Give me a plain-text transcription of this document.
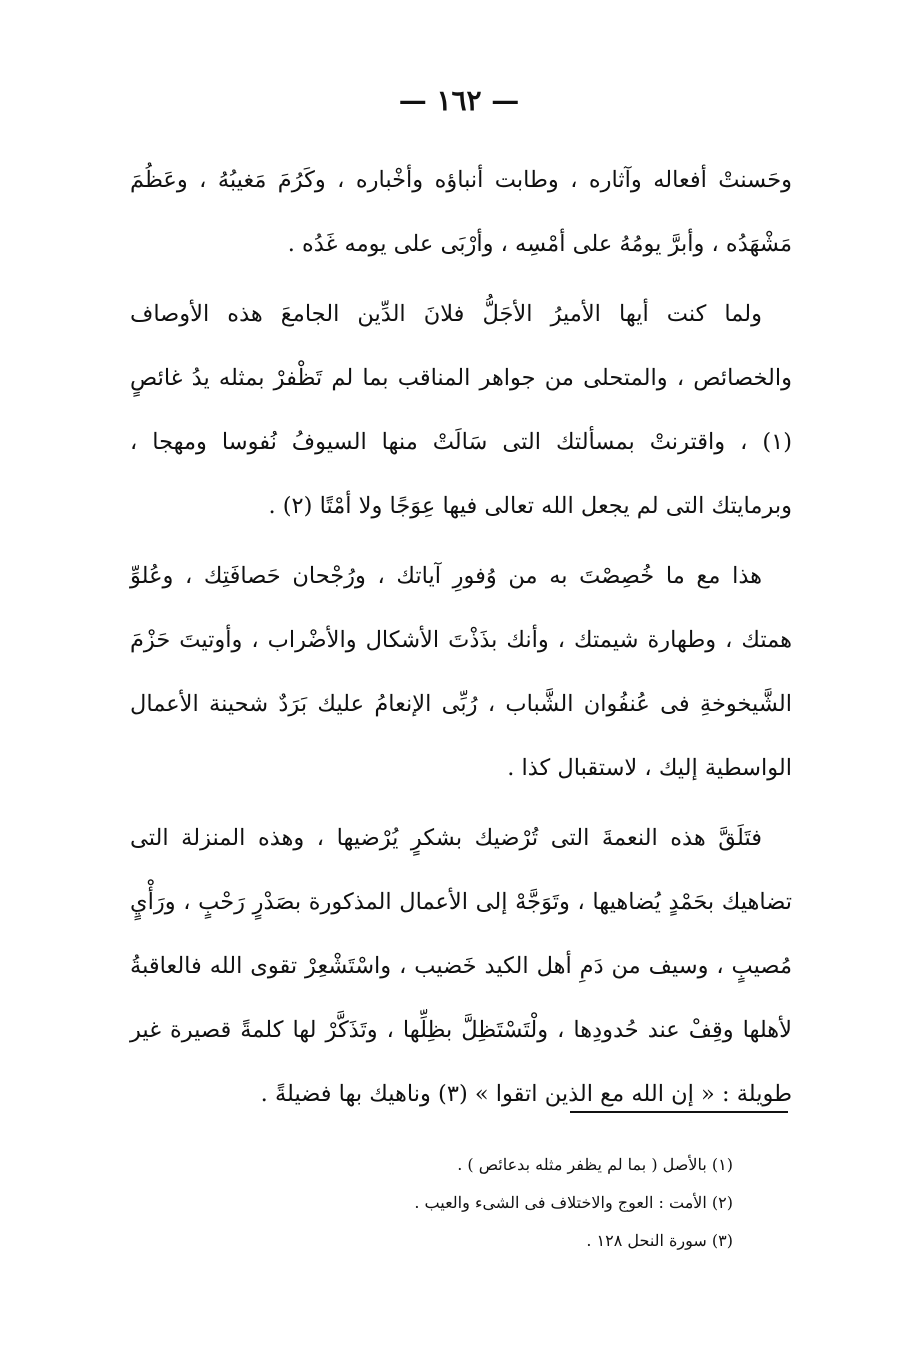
— ١٦٢ —

وحَسنتْ أفعاله وآثاره ، وطابت أنباؤه وأخْباره ، وكَرُمَ مَغيبُهُ ، وعَظُمَ مَشْهَدُه ، وأبرَّ يومُهُ على أمْسِه ، وأرْبَى على يومه غَدُه .

ولما كنت أيها الأميرُ الأجَلُّ فلانَ الدِّين الجامعَ هذه الأوصاف والخصائص ، والمتحلى من جواهر المناقب بما لم تَظْفرْ بمثله يدُ غائصٍ (١) ، واقترنتْ بمسألتك التى سَالَتْ منها السيوفُ نُفوسا ومهجا ، وبرمايتك التى لم يجعل الله تعالى فيها عِوَجًا ولا أمْتًا (٢) .

هذا مع ما خُصِصْتَ به من وُفورِ آياتك ، ورُجْحان حَصافَتِك ، وعُلوِّ همتك ، وطهارة شيمتك ، وأنك بذَذْتَ الأشكال والأضْراب ، وأوتيتَ حَزْمَ الشَّيخوخةِ فى عُنفُوان الشَّباب ، رُبِّى الإنعامُ عليك بَرَدٌ شحينة الأعمال الواسطية إليك ، لاستقبال كذا .

فتَلَقَّ هذه النعمةَ التى تُرْضيك بشكرٍ يُرْضيها ، وهذه المنزلة التى تضاهيك بحَمْدٍ يُضاهيها ، وتَوَجَّهْ إلى الأعمال المذكورة بصَدْرٍ رَحْبٍ ، ورَأْيٍ مُصيبٍ ، وسيف من دَمِ أهل الكيد خَضيب ، واسْتَشْعِرْ تقوى الله فالعاقبةُ لأهلها وقِفْ عند حُدودِها ، ولْتَسْتَظِلَّ بظِلِّها ، وتَذَكَّرْ لها كلمةً قصيرة غير طويلة : « إن الله مع الذين اتقوا » (٣) وناهيك بها فضيلةً .

(١) بالأصل ( بما لم يظفر مثله بدعائص ) .
(٢) الأمت : العوج والاختلاف فى الشىء والعيب .
(٣) سورة النحل ١٢٨ .
